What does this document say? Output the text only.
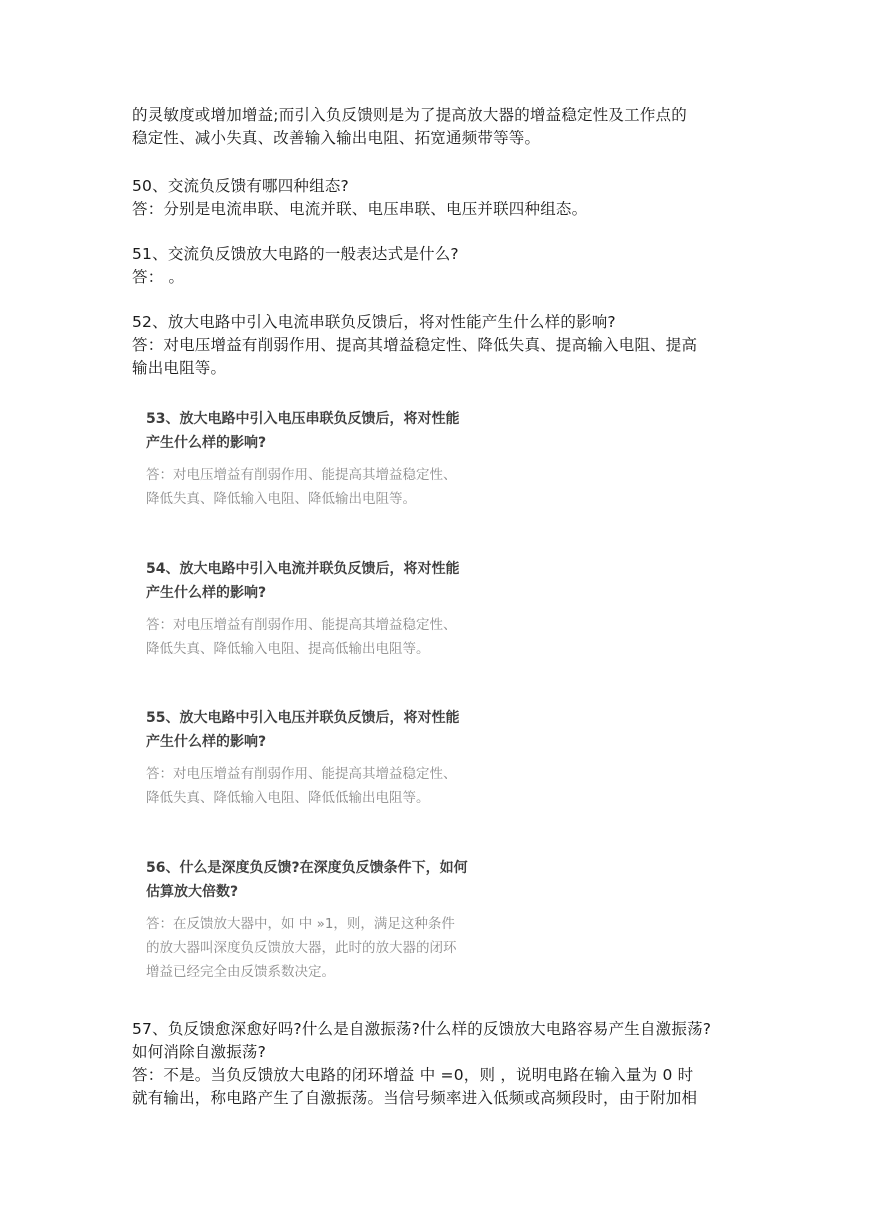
的灵敏度或增加增益;而引入负反馈则是为了提高放大器的增益稳定性及工作点的
稳定性、减小失真、改善输入输出电阻、拓宽通频带等等。
50、交流负反馈有哪四种组态?
答：分别是电流串联、电流并联、电压串联、电压并联四种组态。
51、交流负反馈放大电路的一般表达式是什么?
答： 。
52、放大电路中引入电流串联负反馈后，将对性能产生什么样的影响?
答：对电压增益有削弱作用、提高其增益稳定性、降低失真、提高输入电阻、提高
输出电阻等。
53、放大电路中引入电压串联负反馈后，将对性能
产生什么样的影响?
答：对电压增益有削弱作用、能提高其增益稳定性、
降低失真、降低输入电阻、降低输出电阻等。
54、放大电路中引入电流并联负反馈后，将对性能
产生什么样的影响?
答：对电压增益有削弱作用、能提高其增益稳定性、
降低失真、降低输入电阻、提高低输出电阻等。
55、放大电路中引入电压并联负反馈后，将对性能
产生什么样的影响?
答：对电压增益有削弱作用、能提高其增益稳定性、
降低失真、降低输入电阻、降低低输出电阻等。
56、什么是深度负反馈?在深度负反馈条件下，如何
估算放大倍数?
答：在反馈放大器中，如 中 »1，则，满足这种条件
的放大器叫深度负反馈放大器，此时的放大器的闭环
增益已经完全由反馈系数决定。
57、负反馈愈深愈好吗?什么是自激振荡?什么样的反馈放大电路容易产生自激振荡?
如何消除自激振荡?
答：不是。当负反馈放大电路的闭环增益 中 =0，则 ，说明电路在输入量为 0 时
就有输出，称电路产生了自激振荡。当信号频率进入低频或高频段时，由于附加相
